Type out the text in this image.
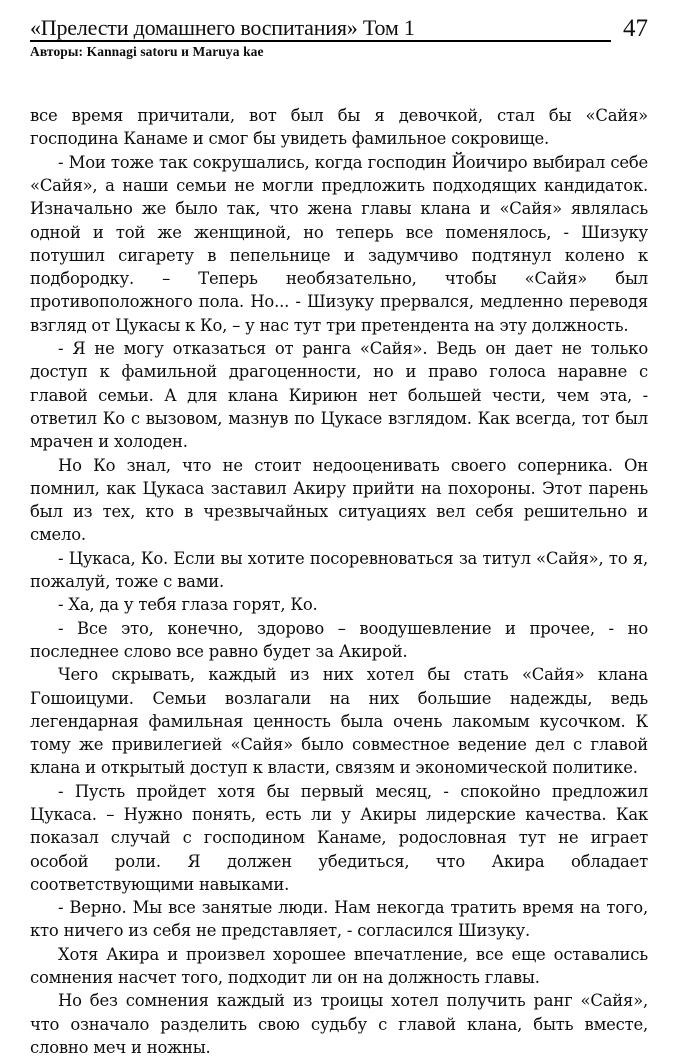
«Прелести домашнего воспитания» Том 1	47
Авторы: Kannagi satoru и Maruya kae

все время причитали, вот был бы я девочкой, стал бы «Сайя» господина Канаме и смог бы увидеть фамильное сокровище.

- Мои тоже так сокрушались, когда господин Йоичиро выбирал себе «Сайя», а наши семьи не могли предложить подходящих кандидаток. Изначально же было так, что жена главы клана и «Сайя» являлась одной и той же женщиной, но теперь все поменялось, - Шизуку потушил сигарету в пепельнице и задумчиво подтянул колено к подбородку. – Теперь необязательно, чтобы «Сайя» был противоположного пола. Но... - Шизуку прервался, медленно переводя взгляд от Цукасы к Ко, – у нас тут три претендента на эту должность.

- Я не могу отказаться от ранга «Сайя». Ведь он дает не только доступ к фамильной драгоценности, но и право голоса наравне с главой семьи. А для клана Кириюн нет большей чести, чем эта, - ответил Ко с вызовом, мазнув по Цукасе взглядом. Как всегда, тот был мрачен и холоден.

Но Ко знал, что не стоит недооценивать своего соперника. Он помнил, как Цукаса заставил Акиру прийти на похороны. Этот парень был из тех, кто в чрезвычайных ситуациях вел себя решительно и смело.

- Цукаса, Ко. Если вы хотите посоревноваться за титул «Сайя», то я, пожалуй, тоже с вами.

- Ха, да у тебя глаза горят, Ко.

- Все это, конечно, здорово – воодушевление и прочее, - но последнее слово все равно будет за Акирой.

Чего скрывать, каждый из них хотел бы стать «Сайя» клана Гошоицуми. Семьи возлагали на них большие надежды, ведь легендарная фамильная ценность была очень лакомым кусочком. К тому же привилегией «Сайя» было совместное ведение дел с главой клана и открытый доступ к власти, связям и экономической политике.

- Пусть пройдет хотя бы первый месяц, - спокойно предложил Цукаса. – Нужно понять, есть ли у Акиры лидерские качества. Как показал случай с господином Канаме, родословная тут не играет особой роли. Я должен убедиться, что Акира обладает соответствующими навыками.

- Верно. Мы все занятые люди. Нам некогда тратить время на того, кто ничего из себя не представляет, - согласился Шизуку.

Хотя Акира и произвел хорошее впечатление, все еще оставались сомнения насчет того, подходит ли он на должность главы.

Но без сомнения каждый из троицы хотел получить ранг «Сайя», что означало разделить свою судьбу с главой клана, быть вместе, словно меч и ножны.
